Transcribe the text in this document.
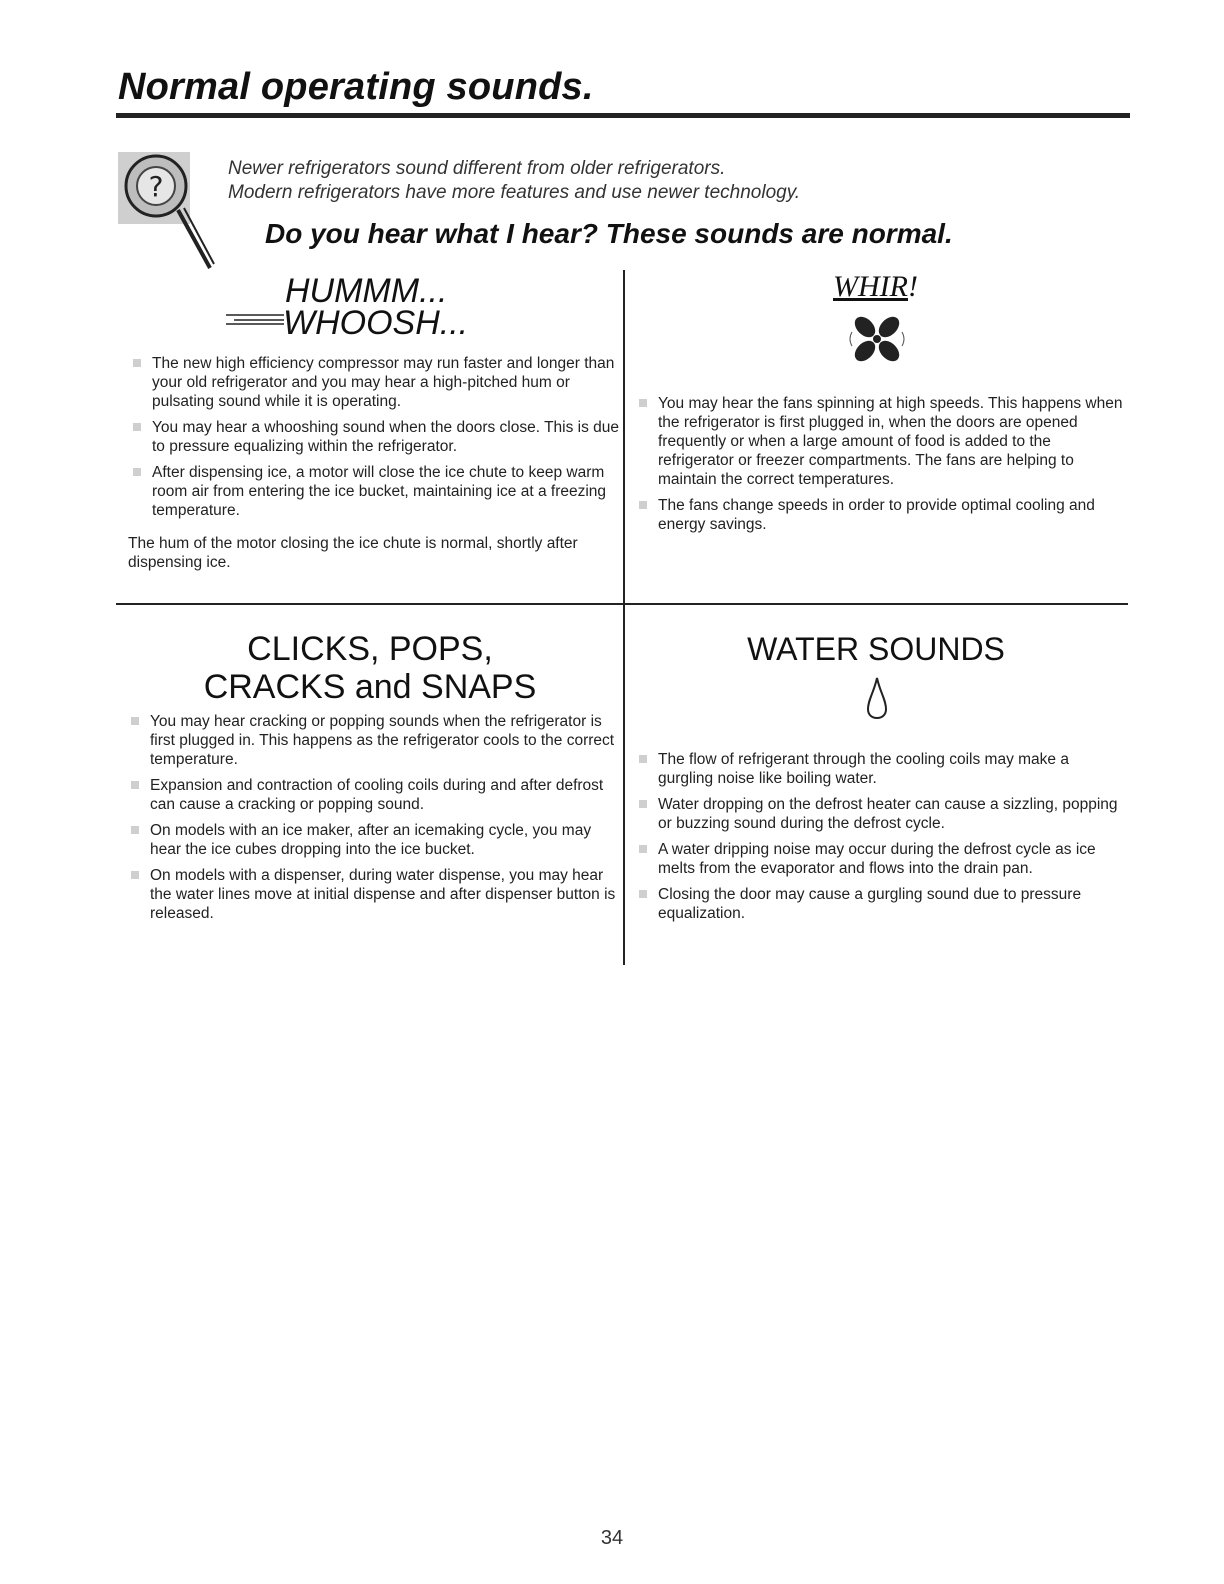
Normal operating sounds.
?
Newer refrigerators sound different from older refrigerators.
Modern refrigerators have more features and use newer technology.
Do you hear what I hear? These sounds are normal.
HUMMM...
WHOOSH...
The new high efficiency compressor may run faster and longer than your old refrigerator and you may hear a high-pitched hum or pulsating sound while it is operating.
You may hear a whooshing sound when the doors close. This is due to pressure equalizing within the refrigerator.
After dispensing ice, a motor will close the ice chute to keep warm room air from entering the ice bucket, maintaining ice at a freezing temperature.

The hum of the motor closing the ice chute is normal, shortly after dispensing ice.

WHIR!
You may hear the fans spinning at high speeds. This happens when the refrigerator is first plugged in, when the doors are opened frequently or when a large amount of food is added to the refrigerator or freezer compartments. The fans are helping to maintain the correct temperatures.
The fans change speeds in order to provide optimal cooling and energy savings.
CLICKS, POPS,
CRACKS and SNAPS
You may hear cracking or popping sounds when the refrigerator is first plugged in. This happens as the refrigerator cools to the correct temperature.
Expansion and contraction of cooling coils during and after defrost can cause a cracking or popping sound.
On models with an ice maker, after an icemaking cycle, you may hear the ice cubes dropping into the ice bucket.
On models with a dispenser, during water dispense, you may hear the water lines move at initial dispense and after dispenser button is released.
WATER SOUNDS
The flow of refrigerant through the cooling coils may make a gurgling noise like boiling water.
Water dropping on the defrost heater can cause a sizzling, popping or buzzing sound during the defrost cycle.
A water dripping noise may occur during the defrost cycle as ice melts from the evaporator and flows into the drain pan.
Closing the door may cause a gurgling sound due to pressure equalization.
34
